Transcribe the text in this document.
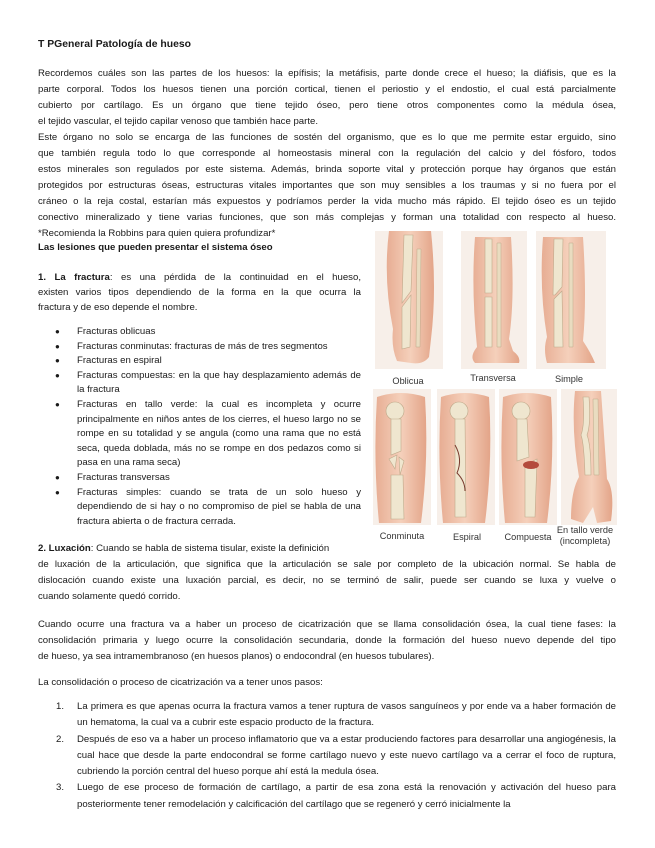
T PGeneral Patología de hueso

Recordemos cuáles son las partes de los huesos: la epífisis; la metáfisis, parte donde crece el hueso; la diáfisis, que es la

parte corporal. Todos los huesos tienen una porción cortical, tienen el periostio y el endostio, el cual está parcialmente

cubierto por cartílago. Es un órgano que tiene tejido óseo, pero tiene otros componentes como la médula ósea,

el tejido vascular, el tejido capilar venoso que también hace parte.

Este órgano no solo se encarga de las funciones de sostén del organismo, que es lo que me permite estar erguido, sino

que también regula todo lo que corresponde al homeostasis mineral con la regulación del calcio y del fósforo, todos

estos minerales son regulados por este sistema. Además, brinda soporte vital y protección porque hay órganos que están

protegidos por estructuras óseas, estructuras vitales importantes que son muy sensibles a los traumas y si no fuera por el

cráneo o la reja costal, estarían más expuestos y podríamos perder la vida mucho más rápido. El tejido óseo es un tejido

conectivo mineralizado y tiene varias funciones, que son más complejas y forman una totalidad con respecto al hueso.

*Recomienda la Robbins para quien quiera profundizar*

Las lesiones que pueden presentar el sistema óseo

1. La fractura: es una pérdida de la continuidad en el hueso,

existen varios tipos dependiendo de la forma en la que ocurra la

fractura y de eso depende el nombre.

● Fracturas oblicuas
● Fracturas conminutas: fracturas de más de tres segmentos
● Fracturas en espiral
● Fracturas compuestas: en la que hay desplazamiento además de la fractura
● Fracturas en tallo verde: la cual es incompleta y ocurre principalmente en niños antes de los cierres, el hueso largo no se rompe en su totalidad y se angula (como una rama que no está seca, queda doblada, más no se rompe en dos pedazos como si pasa en una rama seca)
● Fracturas transversas
● Fracturas simples: cuando se trata de un solo hueso y dependiendo de si hay o no compromiso de piel se habla de una fractura abierta o de fractura cerrada.
Oblicua	Transversa	Simple
Conminuta	Espiral	Compuesta
En tallo verde
(incompleta)

2. Luxación: Cuando se habla de sistema tisular, existe la definición

de luxación de la articulación, que significa que la articulación se sale por completo de la ubicación normal. Se habla de

dislocación cuando existe una luxación parcial, es decir, no se terminó de salir, puede ser cuando se luxa y vuelve o

cuando solamente quedó corrido.

Cuando ocurre una fractura va a haber un proceso de cicatrización que se llama consolidación ósea, la cual tiene fases: la

consolidación primaria y luego ocurre la consolidación secundaria, donde la formación del hueso nuevo depende del tipo

de hueso, ya sea intramembranoso (en huesos planos) o endocondral (en huesos tubulares).

La consolidación o proceso de cicatrización va a tener unos pasos:

1. La primera es que apenas ocurra la fractura vamos a tener ruptura de vasos sanguíneos y por ende va a haber formación de un hematoma, la cual va a cubrir este espacio producto de la fractura.
2. Después de eso va a haber un proceso inflamatorio que va a estar produciendo factores para desarrollar una angiogénesis, la cual hace que desde la parte endocondral se forme cartílago nuevo y este nuevo cartílago va a cerrar el foco de ruptura, cubriendo la porción central del hueso porque ahí está la medula ósea.
3. Luego de ese proceso de formación de cartílago, a partir de esa zona está la renovación y activación del hueso para posteriormente tener remodelación y calcificación del cartílago que se regeneró y cerró inicialmente la
